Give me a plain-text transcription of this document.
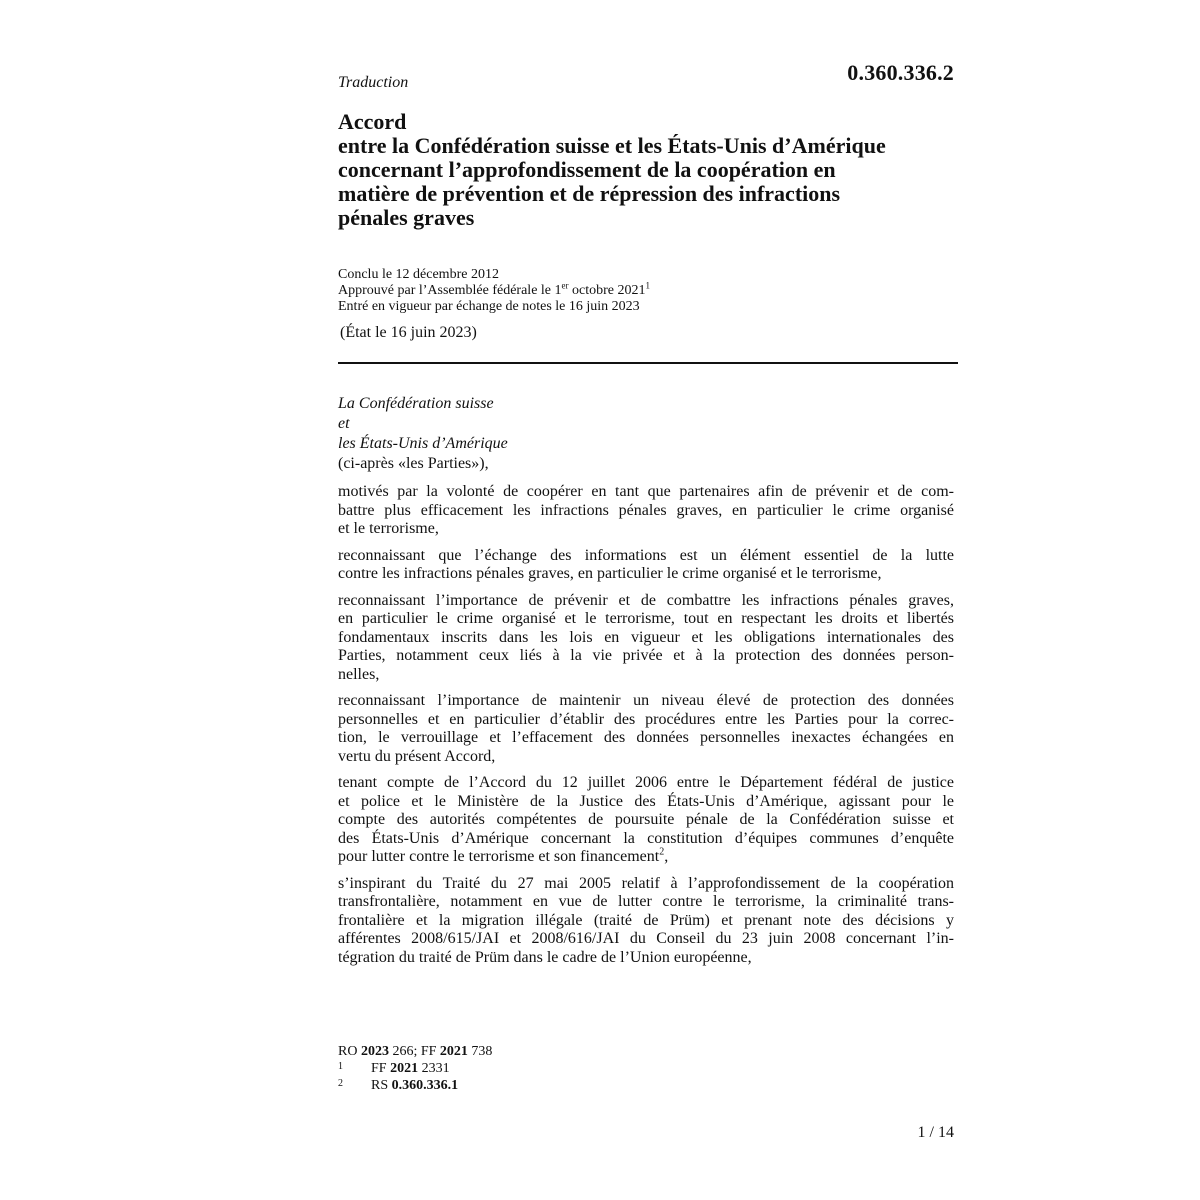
Traduction	0.360.336.2
Accord
entre la Confédération suisse et les États-Unis d’Amérique
concernant l’approfondissement de la coopération en
matière de prévention et de répression des infractions
pénales graves
Conclu le 12 décembre 2012
Approuvé par l’Assemblée fédérale le 1er octobre 2021$^1$
Entré en vigueur par échange de notes le 16 juin 2023
(État le 16 juin 2023)
La Confédération suisse
et
les États-Unis d’Amérique
(ci-après «les Parties»),
motivés par la volonté de coopérer en tant que partenaires afin de prévenir et de com-
battre plus efficacement les infractions pénales graves, en particulier le crime organisé
et le terrorisme,
reconnaissant que l’échange des informations est un élément essentiel de la lutte
contre les infractions pénales graves, en particulier le crime organisé et le terrorisme,
reconnaissant l’importance de prévenir et de combattre les infractions pénales graves,
en particulier le crime organisé et le terrorisme, tout en respectant les droits et libertés
fondamentaux inscrits dans les lois en vigueur et les obligations internationales des
Parties, notamment ceux liés à la vie privée et à la protection des données person-
nelles,
reconnaissant l’importance de maintenir un niveau élevé de protection des données
personnelles et en particulier d’établir des procédures entre les Parties pour la correc-
tion, le verrouillage et l’effacement des données personnelles inexactes échangées en
vertu du présent Accord,
tenant compte de l’Accord du 12 juillet 2006 entre le Département fédéral de justice
et police et le Ministère de la Justice des États-Unis d’Amérique, agissant pour le
compte des autorités compétentes de poursuite pénale de la Confédération suisse et
des États-Unis d’Amérique concernant la constitution d’équipes communes d’enquête
pour lutter contre le terrorisme et son financement$^2$,
s’inspirant du Traité du 27 mai 2005 relatif à l’approfondissement de la coopération
transfrontalière, notamment en vue de lutter contre le terrorisme, la criminalité trans-
frontalière et la migration illégale (traité de Prüm) et prenant note des décisions y
afférentes 2008/615/JAI et 2008/616/JAI du Conseil du 23 juin 2008 concernant l’in-
tégration du traité de Prüm dans le cadre de l’Union européenne,
RO 2023 266; FF 2021 738
1 FF 2021 2331
2 RS 0.360.336.1
1 / 14
